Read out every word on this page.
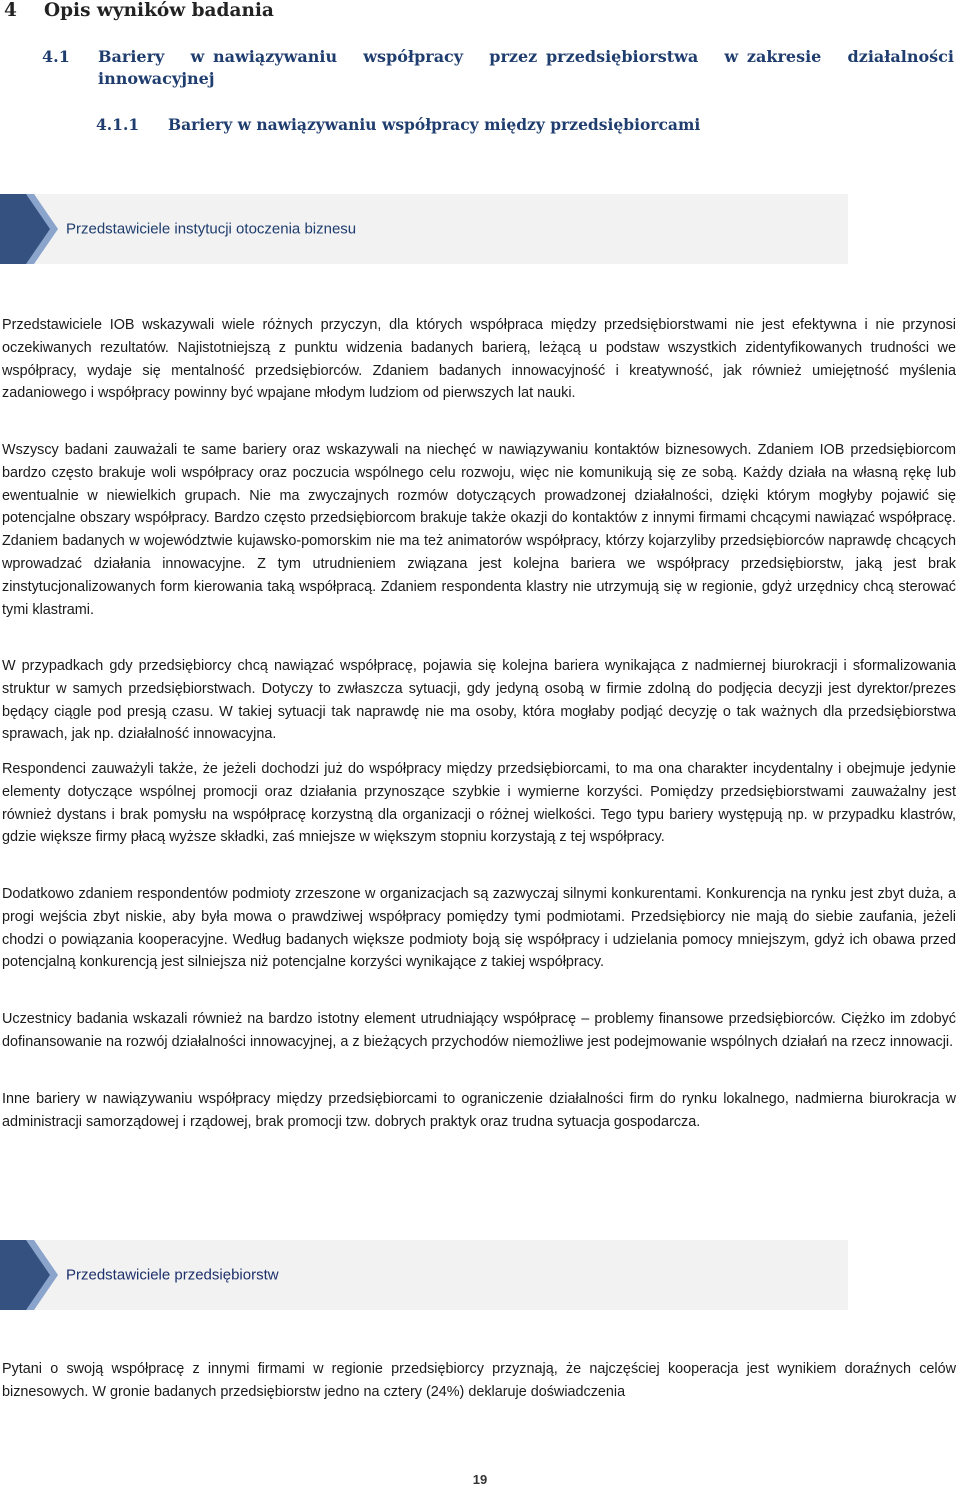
4 Opis wyników badania
4.1 Bariery   w nawiązywaniu   współpracy   przez przedsiębiorstwa   w zakresie   działalności
innowacyjnej
4.1.1 Bariery w nawiązywaniu współpracy między przedsiębiorcami
Przedstawiciele instytucji otoczenia biznesu

Przedstawiciele IOB wskazywali wiele różnych przyczyn, dla których współpraca między przedsiębiorstwami nie jest efektywna i nie przynosi oczekiwanych rezultatów. Najistotniejszą z punktu widzenia badanych barierą, leżącą u podstaw wszystkich zidentyfikowanych trudności we współpracy, wydaje się mentalność przedsiębiorców. Zdaniem badanych innowacyjność i kreatywność, jak również umiejętność myślenia zadaniowego i współpracy powinny być wpajane młodym ludziom od pierwszych lat nauki.

Wszyscy badani zauważali te same bariery oraz wskazywali na niechęć w nawiązywaniu kontaktów biznesowych. Zdaniem IOB przedsiębiorcom bardzo często brakuje woli współpracy oraz poczucia wspólnego celu rozwoju, więc nie komunikują się ze sobą. Każdy działa na własną rękę lub ewentualnie w niewielkich grupach. Nie ma zwyczajnych rozmów dotyczących prowadzonej działalności, dzięki którym mogłyby pojawić się potencjalne obszary współpracy. Bardzo często przedsiębiorcom brakuje także okazji do kontaktów z innymi firmami chcącymi nawiązać współpracę. Zdaniem badanych w województwie kujawsko-pomorskim nie ma też animatorów współpracy, którzy kojarzyliby przedsiębiorców naprawdę chcących wprowadzać działania innowacyjne. Z tym utrudnieniem związana jest kolejna bariera we współpracy przedsiębiorstw, jaką jest brak zinstytucjonalizowanych form kierowania taką współpracą. Zdaniem respondenta klastry nie utrzymują się w regionie, gdyż urzędnicy chcą sterować tymi klastrami.

W przypadkach gdy przedsiębiorcy chcą nawiązać współpracę, pojawia się kolejna bariera wynikająca z nadmiernej biurokracji i sformalizowania struktur w samych przedsiębiorstwach. Dotyczy to zwłaszcza sytuacji, gdy jedyną osobą w firmie zdolną do podjęcia decyzji jest dyrektor/prezes będący ciągle pod presją czasu. W takiej sytuacji tak naprawdę nie ma osoby, która mogłaby podjąć decyzję o tak ważnych dla przedsiębiorstwa sprawach, jak np. działalność innowacyjna.

Respondenci zauważyli także, że jeżeli dochodzi już do współpracy między przedsiębiorcami, to ma ona charakter incydentalny i obejmuje jedynie elementy dotyczące wspólnej promocji oraz działania przynoszące szybkie i wymierne korzyści. Pomiędzy przedsiębiorstwami zauważalny jest również dystans i brak pomysłu na współpracę korzystną dla organizacji o różnej wielkości. Tego typu bariery występują np. w przypadku klastrów, gdzie większe firmy płacą wyższe składki, zaś mniejsze w większym stopniu korzystają z tej współpracy.

Dodatkowo zdaniem respondentów podmioty zrzeszone w organizacjach są zazwyczaj silnymi konkurentami. Konkurencja na rynku jest zbyt duża, a progi wejścia zbyt niskie, aby była mowa o prawdziwej współpracy pomiędzy tymi podmiotami. Przedsiębiorcy nie mają do siebie zaufania, jeżeli chodzi o powiązania kooperacyjne. Według badanych większe podmioty boją się współpracy i udzielania pomocy mniejszym, gdyż ich obawa przed potencjalną konkurencją jest silniejsza niż potencjalne korzyści wynikające z takiej współpracy.

Uczestnicy badania wskazali również na bardzo istotny element utrudniający współpracę – problemy finansowe przedsiębiorców. Ciężko im zdobyć dofinansowanie na rozwój działalności innowacyjnej, a z bieżących przychodów niemożliwe jest podejmowanie wspólnych działań na rzecz innowacji.

Inne bariery w nawiązywaniu współpracy między przedsiębiorcami to ograniczenie działalności firm do rynku lokalnego, nadmierna biurokracja w administracji samorządowej i rządowej, brak promocji tzw. dobrych praktyk oraz trudna sytuacja gospodarcza.

Przedstawiciele przedsiębiorstw

Pytani o swoją współpracę z innymi firmami w regionie przedsiębiorcy przyznają, że najczęściej kooperacja jest wynikiem doraźnych celów biznesowych. W gronie badanych przedsiębiorstw jedno na cztery (24%) deklaruje doświadczenia

19
